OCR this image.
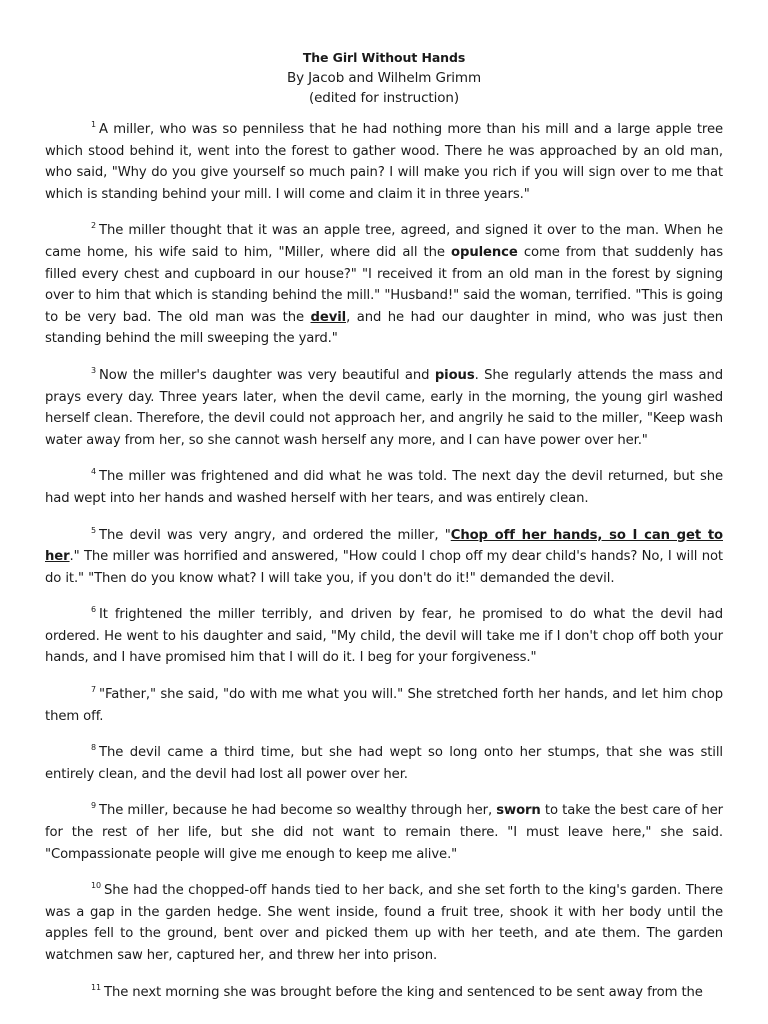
The Girl Without Hands
By Jacob and Wilhelm Grimm
(edited for instruction)

$^1$ A miller, who was so penniless that he had nothing more than his mill and a large apple tree which stood behind it, went into the forest to gather wood. There he was approached by an old man, who said, "Why do you give yourself so much pain? I will make you rich if you will sign over to me that which is standing behind your mill. I will come and claim it in three years."

$^2$ The miller thought that it was an apple tree, agreed, and signed it over to the man. When he came home, his wife said to him, "Miller, where did all the opulence come from that suddenly has filled every chest and cupboard in our house?" "I received it from an old man in the forest by signing over to him that which is standing behind the mill." "Husband!" said the woman, terrified. "This is going to be very bad. The old man was the devil, and he had our daughter in mind, who was just then standing behind the mill sweeping the yard."

$^3$ Now the miller's daughter was very beautiful and pious. She regularly attends the mass and prays every day. Three years later, when the devil came, early in the morning, the young girl washed herself clean. Therefore, the devil could not approach her, and angrily he said to the miller, "Keep wash water away from her, so she cannot wash herself any more, and I can have power over her."

$^4$ The miller was frightened and did what he was told. The next day the devil returned, but she had wept into her hands and washed herself with her tears, and was entirely clean.

$^5$ The devil was very angry, and ordered the miller, "Chop off her hands, so I can get to her." The miller was horrified and answered, "How could I chop off my dear child's hands? No, I will not do it." "Then do you know what? I will take you, if you don't do it!" demanded the devil.

$^6$ It frightened the miller terribly, and driven by fear, he promised to do what the devil had ordered. He went to his daughter and said, "My child, the devil will take me if I don't chop off both your hands, and I have promised him that I will do it. I beg for your forgiveness."

$^7$ "Father," she said, "do with me what you will." She stretched forth her hands, and let him chop them off.

$^8$ The devil came a third time, but she had wept so long onto her stumps, that she was still entirely clean, and the devil had lost all power over her.

$^9$ The miller, because he had become so wealthy through her, sworn to take the best care of her for the rest of her life, but she did not want to remain there. "I must leave here," she said. "Compassionate people will give me enough to keep me alive."

$^{10}$ She had the chopped-off hands tied to her back, and she set forth to the king's garden. There was a gap in the garden hedge. She went inside, found a fruit tree, shook it with her body until the apples fell to the ground, bent over and picked them up with her teeth, and ate them. The garden watchmen saw her, captured her, and threw her into prison.

$^{11}$ The next morning she was brought before the king and sentenced to be sent away from the
